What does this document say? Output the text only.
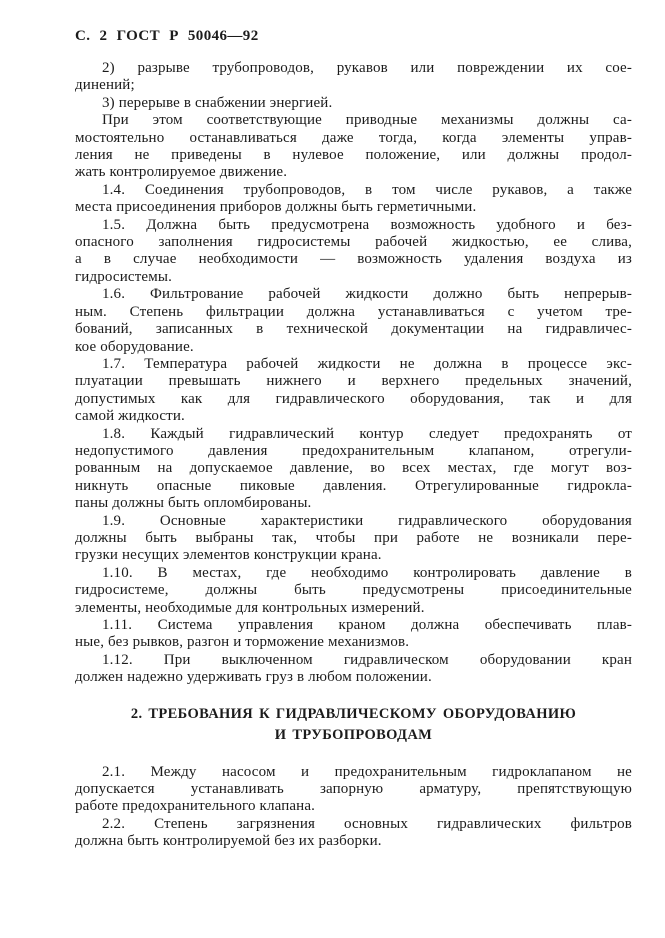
С. 2 ГОСТ Р 50046—92
2) разрыве трубопроводов, рукавов или повреждении их сое-
динений;
3) перерыве в снабжении энергией.
При этом соответствующие приводные механизмы должны са-
мостоятельно останавливаться даже тогда, когда элементы управ-
ления не приведены в нулевое положение, или должны продол-
жать контролируемое движение.
1.4. Соединения трубопроводов, в том числе рукавов, а также
места присоединения приборов должны быть герметичными.
1.5. Должна быть предусмотрена возможность удобного и без-
опасного заполнения гидросистемы рабочей жидкостью, ее слива,
а в случае необходимости — возможность удаления воздуха из
гидросистемы.
1.6. Фильтрование рабочей жидкости должно быть непрерыв-
ным. Степень фильтрации должна устанавливаться с учетом тре-
бований, записанных в технической документации на гидравличес-
кое оборудование.
1.7. Температура рабочей жидкости не должна в процессе экс-
плуатации превышать нижнего и верхнего предельных значений,
допустимых как для гидравлического оборудования, так и для
самой жидкости.
1.8. Каждый гидравлический контур следует предохранять от
недопустимого давления предохранительным клапаном, отрегули-
рованным на допускаемое давление, во всех местах, где могут воз-
никнуть опасные пиковые давления. Отрегулированные гидрокла-
паны должны быть опломбированы.
1.9. Основные характеристики гидравлического оборудования
должны быть выбраны так, чтобы при работе не возникали пере-
грузки несущих элементов конструкции крана.
1.10. В местах, где необходимо контролировать давление в
гидросистеме, должны быть предусмотрены присоединительные
элементы, необходимые для контрольных измерений.
1.11. Система управления краном должна обеспечивать плав-
ные, без рывков, разгон и торможение механизмов.
1.12. При выключенном гидравлическом оборудовании кран
должен надежно удерживать груз в любом положении.
2. ТРЕБОВАНИЯ К ГИДРАВЛИЧЕСКОМУ ОБОРУДОВАНИЮ
И ТРУБОПРОВОДАМ
2.1. Между насосом и предохранительным гидроклапаном не
допускается устанавливать запорную арматуру, препятствующую
работе предохранительного клапана.
2.2. Степень загрязнения основных гидравлических фильтров
должна быть контролируемой без их разборки.
